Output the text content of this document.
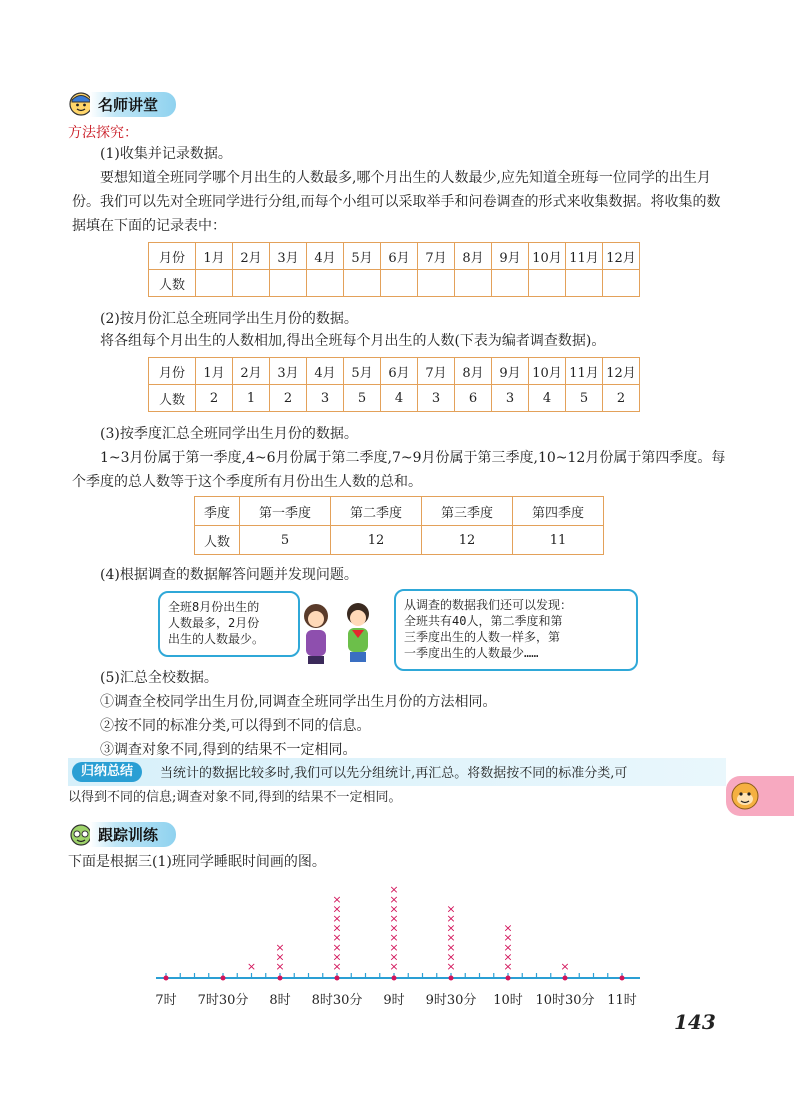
名师讲堂
方法探究：
(1)收集并记录数据。
要想知道全班同学哪个月出生的人数最多,哪个月出生的人数最少,应先知道全班每一位同学的出生月份。我们可以先对全班同学进行分组,而每个小组可以采取举手和问卷调查的形式来收集数据。将收集的数据填在下面的记录表中：
月份	1月	2月	3月	4月	5月	6月	7月	8月	9月	10月	11月	12月
人数												
(2)按月份汇总全班同学出生月份的数据。
将各组每个月出生的人数相加,得出全班每个月出生的人数(下表为编者调查数据)。
月份	1月	2月	3月	4月	5月	6月	7月	8月	9月	10月	11月	12月
人数	2	1	2	3	5	4	3	6	3	4	5	2
(3)按季度汇总全班同学出生月份的数据。
1~3月份属于第一季度,4~6月份属于第二季度,7~9月份属于第三季度,10~12月份属于第四季度。每个季度的总人数等于这个季度所有月份出生人数的总和。
季度	第一季度	第二季度	第三季度	第四季度
人数	5	12	12	11
(4)根据调查的数据解答问题并发现问题。
全班8月份出生的
人数最多，2月份
出生的人数最少。
从调查的数据我们还可以发现：
全班共有40人，第二季度和第
三季度出生的人数一样多，第
一季度出生的人数最少……
(5)汇总全校数据。
①调查全校同学出生月份,同调查全班同学出生月份的方法相同。
②按不同的标准分类,可以得到不同的信息。
③调查对象不同,得到的结果不一定相同。
归纳总结	当统计的数据比较多时,我们可以先分组统计,再汇总。将数据按不同的标准分类,可
以得到不同的信息;调查对象不同,得到的结果不一定相同。
跟踪训练
下面是根据三(1)班同学睡眠时间画的图。
7时 7时30分 8时 8时30分 9时 9时30分 10时 10时30分 11时
× ×
×
×
×
×
×
×
×
×
×
×
×
×
×
×
×
×
×
×
×
×
×
×
×
×
×
×
×
×
×
×
×
×
143
